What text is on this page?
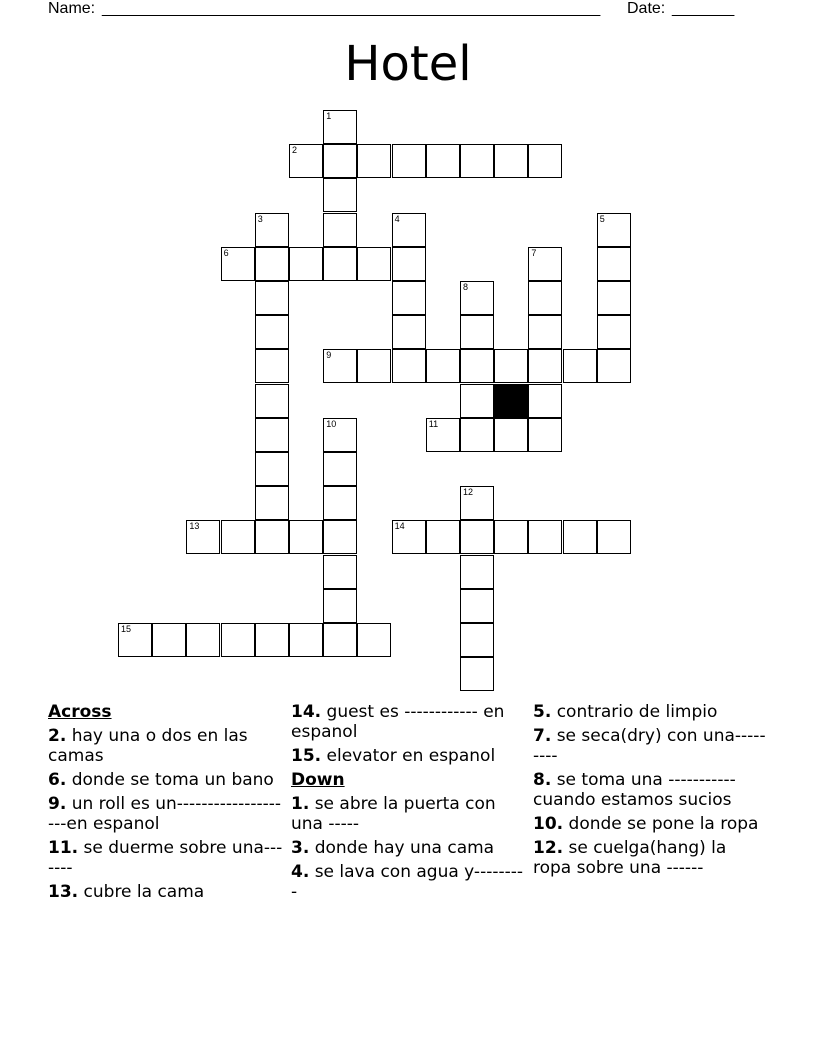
Name: ________________________________________________________ Date: _______
Hotel
1
2
3	4	5
6	7
8
9
10	11
12
13	14
15
Across
2. hay una o dos en las camas
6. donde se toma un bano
9. un roll es un--------------------en espanol
11. se duerme sobre una-------
13. cubre la cama
14. guest es ------------ en espanol
15. elevator en espanol
Down
1. se abre la puerta con una -----
3. donde hay una cama
4. se lava con agua y---------
5. contrario de limpio
7. se seca(dry) con una---------
8. se toma una -----------cuando estamos sucios
10. donde se pone la ropa
12. se cuelga(hang) la ropa sobre una ------
